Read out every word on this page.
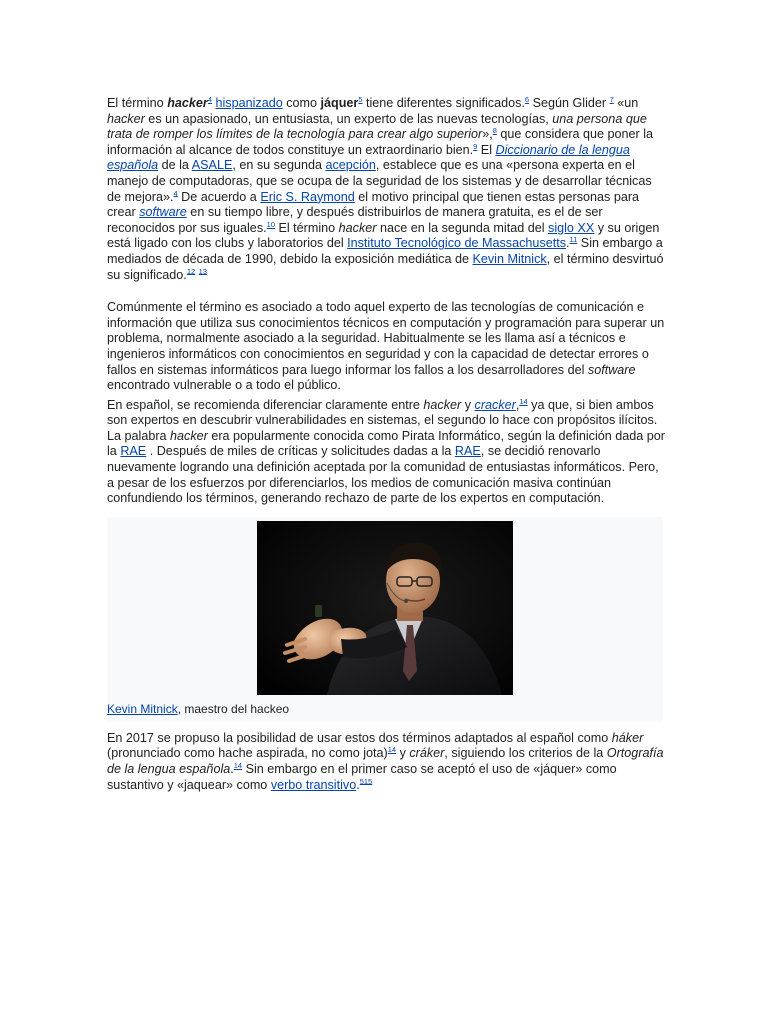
El término hacker$^4$ hispanizado como jáquer$^5$ tiene diferentes significados.$^6$ Según Glider $^7$ «un hacker es un apasionado, un entusiasta, un experto de las nuevas tecnologías, una persona que trata de romper los límites de la tecnología para crear algo superior»,$^8$ que considera que poner la información al alcance de todos constituye un extraordinario bien.$^9$ El Diccionario de la lengua española de la ASALE, en su segunda acepción, establece que es una «persona experta en el manejo de computadoras, que se ocupa de la seguridad de los sistemas y de desarrollar técnicas de mejora».$^4$ De acuerdo a Eric S. Raymond el motivo principal que tienen estas personas para crear software en su tiempo libre, y después distribuirlos de manera gratuita, es el de ser reconocidos por sus iguales.$^{10}$ El término hacker nace en la segunda mitad del siglo XX y su origen está ligado con los clubs y laboratorios del Instituto Tecnológico de Massachusetts.$^{11}$ Sin embargo a mediados de década de 1990, debido la exposición mediática de Kevin Mitnick, el término desvirtuó su significado.$^{12}$ $^{13}$

Comúnmente el término es asociado a todo aquel experto de las tecnologías de comunicación e información que utiliza sus conocimientos técnicos en computación y programación para superar un problema, normalmente asociado a la seguridad. Habitualmente se les llama así a técnicos e ingenieros informáticos con conocimientos en seguridad y con la capacidad de detectar errores o fallos en sistemas informáticos para luego informar los fallos a los desarrolladores del software encontrado vulnerable o a todo el público.

En español, se recomienda diferenciar claramente entre hacker y cracker,$^{14}$ ya que, si bien ambos son expertos en descubrir vulnerabilidades en sistemas, el segundo lo hace con propósitos ilícitos. La palabra hacker era popularmente conocida como Pirata Informático, según la definición dada por la RAE . Después de miles de críticas y solicitudes dadas a la RAE, se decidió renovarlo nuevamente logrando una definición aceptada por la comunidad de entusiastas informáticos. Pero, a pesar de los esfuerzos por diferenciarlos, los medios de comunicación masiva continúan confundiendo los términos, generando rechazo de parte de los expertos en computación.

Kevin Mitnick, maestro del hackeo

En 2017 se propuso la posibilidad de usar estos dos términos adaptados al español como háker (pronunciado como hache aspirada, no como jota)$^{14}$ y cráker, siguiendo los criterios de la Ortografía de la lengua española.$^{14}$ Sin embargo en el primer caso se aceptó el uso de «jáquer» como sustantivo y «jaquear» como verbo transitivo.$^{515}$
